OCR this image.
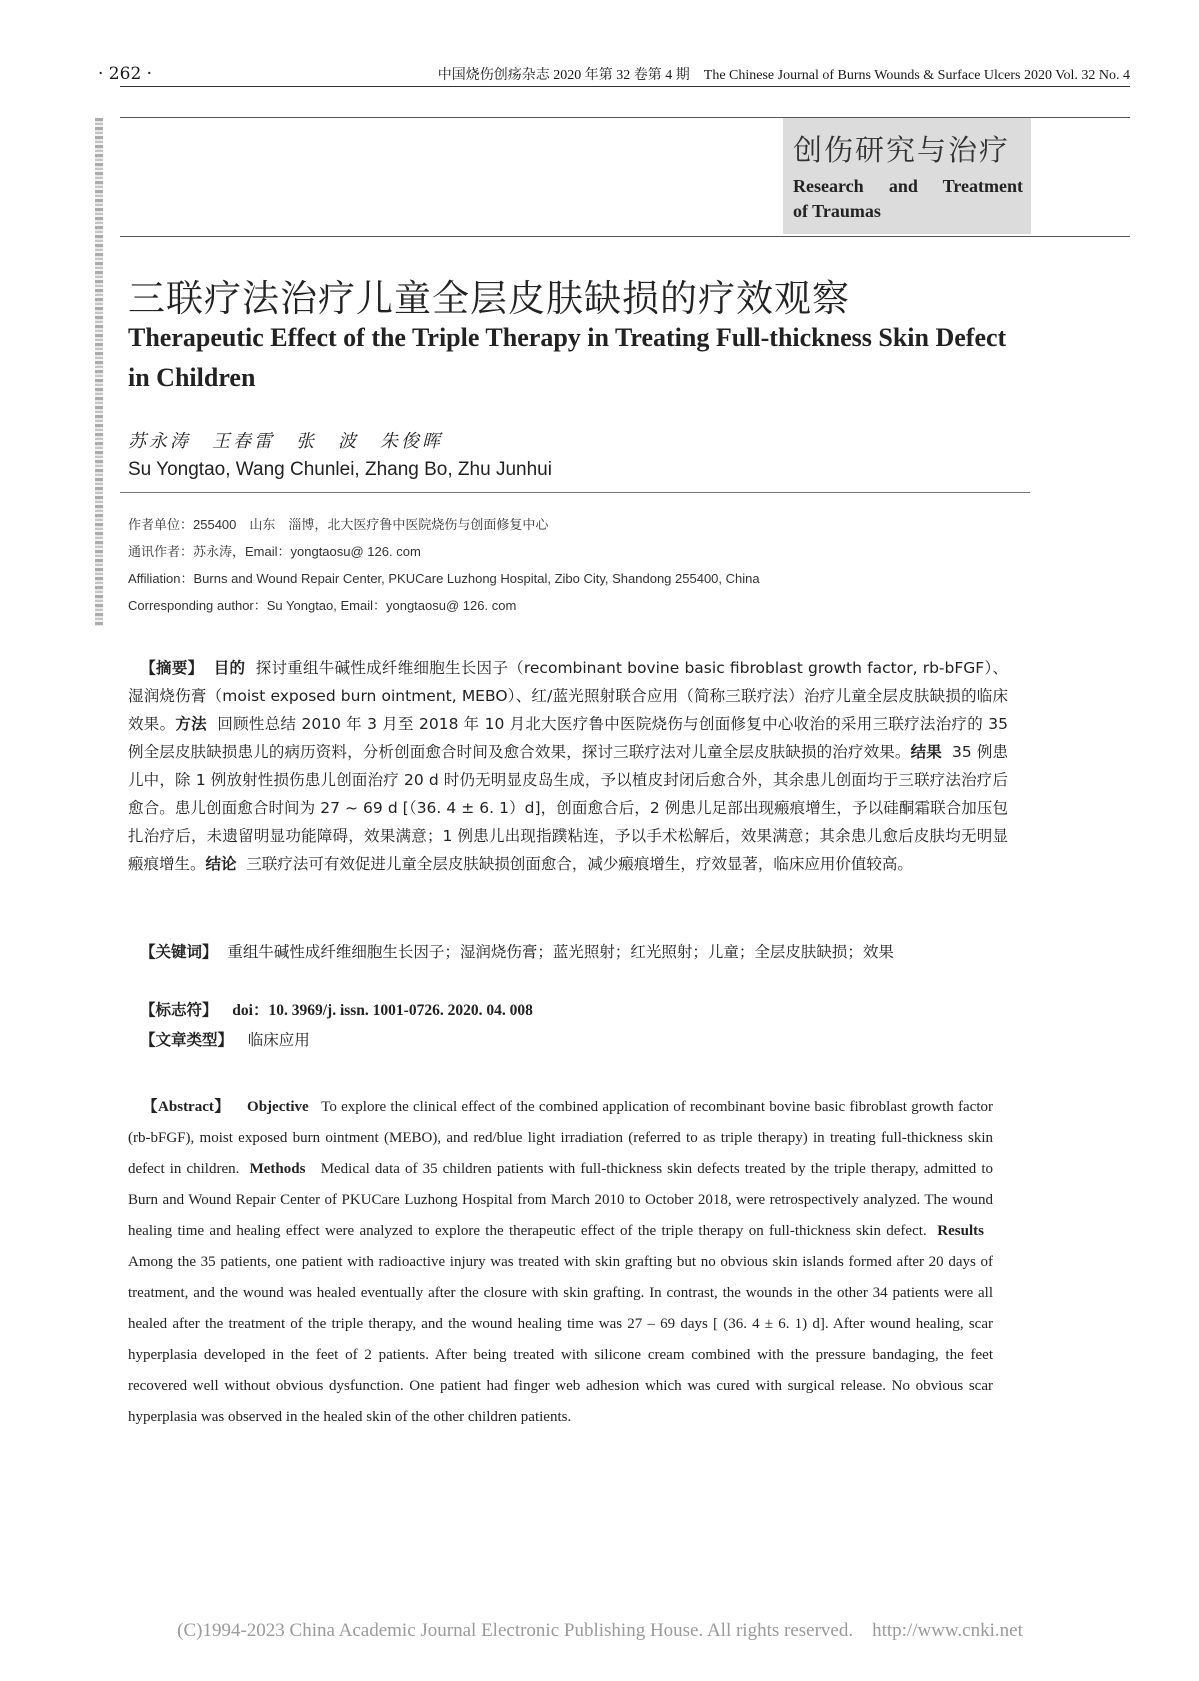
· 262 ·	中国烧伤创疡杂志 2020 年第 32 卷第 4 期　The Chinese Journal of Burns Wounds & Surface Ulcers 2020 Vol. 32 No. 4
创伤研究与治疗
Research and Treatment
of Traumas
三联疗法治疗儿童全层皮肤缺损的疗效观察
Therapeutic Effect of the Triple Therapy in Treating Full-thickness Skin Defect in Children
苏永涛　王春雷　张　波　朱俊晖
Su Yongtao, Wang Chunlei, Zhang Bo, Zhu Junhui
作者单位：255400　山东　淄博，北大医疗鲁中医院烧伤与创面修复中心
通讯作者：苏永涛，Email：yongtaosu@ 126. com
Affiliation：Burns and Wound Repair Center, PKUCare Luzhong Hospital, Zibo City, Shandong 255400, China
Corresponding author：Su Yongtao, Email：yongtaosu@ 126. com
【摘要】 目的 探讨重组牛碱性成纤维细胞生长因子（recombinant bovine basic fibroblast growth factor, rb-bFGF）、湿润烧伤膏（moist exposed burn ointment, MEBO）、红/蓝光照射联合应用（简称三联疗法）治疗儿童全层皮肤缺损的临床效果。方法 回顾性总结 2010 年 3 月至 2018 年 10 月北大医疗鲁中医院烧伤与创面修复中心收治的采用三联疗法治疗的 35 例全层皮肤缺损患儿的病历资料，分析创面愈合时间及愈合效果，探讨三联疗法对儿童全层皮肤缺损的治疗效果。结果 35 例患儿中，除 1 例放射性损伤患儿创面治疗 20 d 时仍无明显皮岛生成，予以植皮封闭后愈合外，其余患儿创面均于三联疗法治疗后愈合。患儿创面愈合时间为 27 ~ 69 d [（36. 4 ± 6. 1）d]，创面愈合后，2 例患儿足部出现瘢痕增生，予以硅酮霜联合加压包扎治疗后，未遗留明显功能障碍，效果满意；1 例患儿出现指蹼粘连，予以手术松解后，效果满意；其余患儿愈后皮肤均无明显瘢痕增生。结论 三联疗法可有效促进儿童全层皮肤缺损创面愈合，减少瘢痕增生，疗效显著，临床应用价值较高。
【关键词】 重组牛碱性成纤维细胞生长因子；湿润烧伤膏；蓝光照射；红光照射；儿童；全层皮肤缺损；效果
【标志符】 doi：10. 3969/j. issn. 1001-0726. 2020. 04. 008
【文章类型】 临床应用
【Abstract】 Objective To explore the clinical effect of the combined application of recombinant bovine basic fibroblast growth factor (rb-bFGF), moist exposed burn ointment (MEBO), and red/blue light irradiation (referred to as triple therapy) in treating full-thickness skin defect in children. Methods Medical data of 35 children patients with full-thickness skin defects treated by the triple therapy, admitted to Burn and Wound Repair Center of PKUCare Luzhong Hospital from March 2010 to October 2018, were retrospectively analyzed. The wound healing time and healing effect were analyzed to explore the therapeutic effect of the triple therapy on full-thickness skin defect. Results   Among the 35 patients, one patient with radioactive injury was treated with skin grafting but no obvious skin islands formed after 20 days of treatment, and the wound was healed eventually after the closure with skin grafting. In contrast, the wounds in the other 34 patients were all healed after the treatment of the triple therapy, and the wound healing time was 27 – 69 days [ (36. 4 ± 6. 1) d]. After wound healing, scar hyperplasia developed in the feet of 2 patients. After being treated with silicone cream combined with the pressure bandaging, the feet recovered well without obvious dysfunction. One patient had finger web adhesion which was cured with surgical release. No obvious scar hyperplasia was observed in the healed skin of the other children patients.
(C)1994-2023 China Academic Journal Electronic Publishing House. All rights reserved.    http://www.cnki.net
